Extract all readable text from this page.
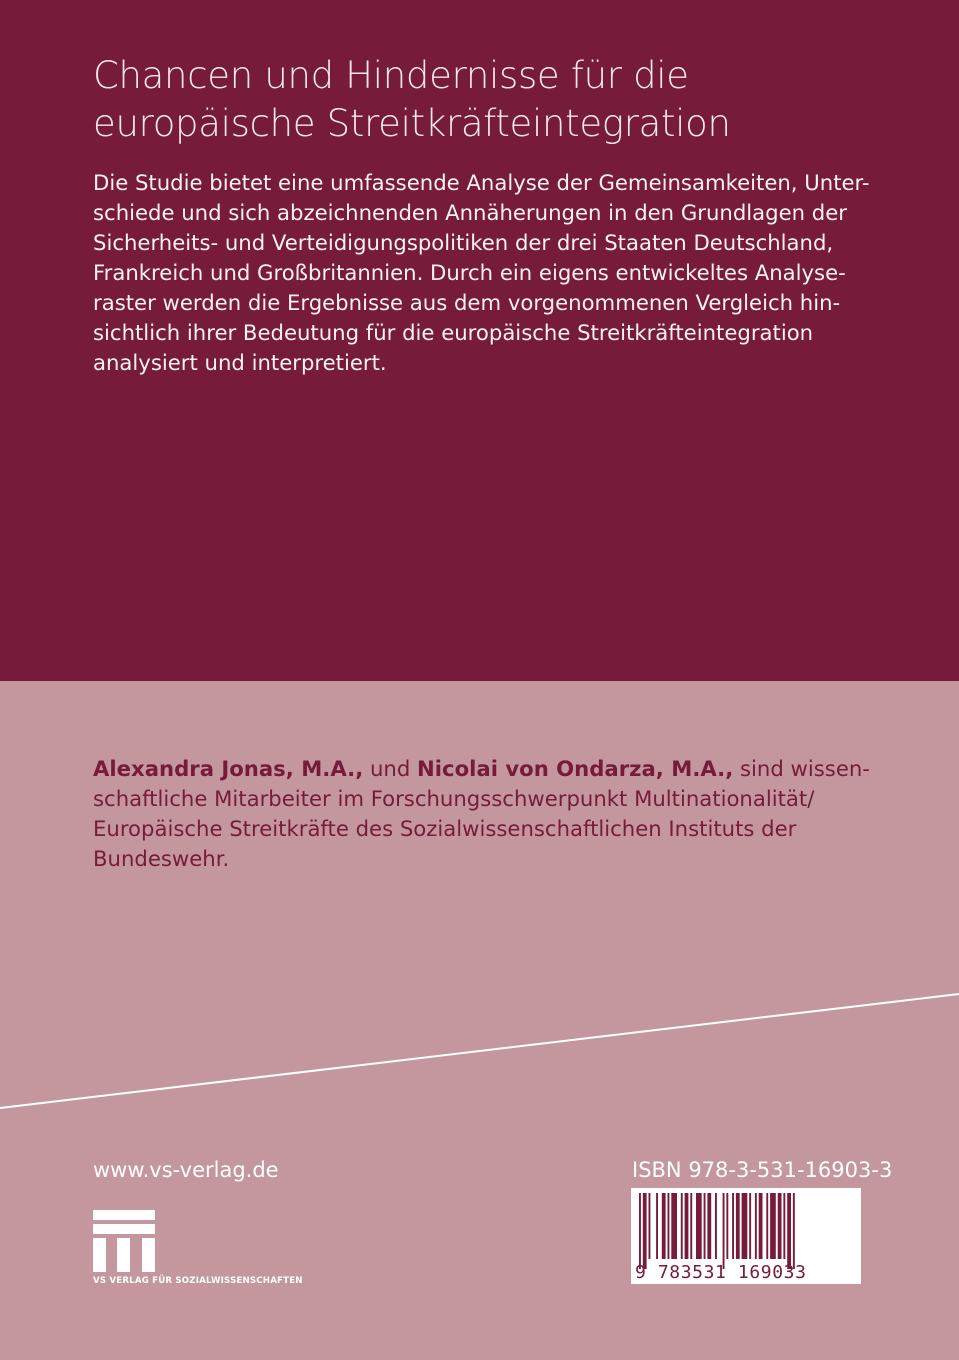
Chancen und Hindernisse für die
europäische Streitkräfteintegration

Die Studie bietet eine umfassende Analyse der Gemeinsamkeiten, Unter-
schiede und sich abzeichnenden Annäherungen in den Grundlagen der
Sicherheits- und Verteidigungspolitiken der drei Staaten Deutschland,
Frankreich und Großbritannien. Durch ein eigens entwickeltes Analyse-
raster werden die Ergebnisse aus dem vorgenommenen Vergleich hin-
sichtlich ihrer Bedeutung für die europäische Streitkräfteintegration
analysiert und interpretiert.

Alexandra Jonas, M.A., und Nicolai von Ondarza, M.A., sind wissen-
schaftliche Mitarbeiter im Forschungsschwerpunkt Multinationalität/
Europäische Streitkräfte des Sozialwissenschaftlichen Instituts der
Bundeswehr.

www.vs-verlag.de	ISBN 978-3-531-16903-3
VS VERLAG FÜR SOZIALWISSENSCHAFTEN	9 783531 169033
